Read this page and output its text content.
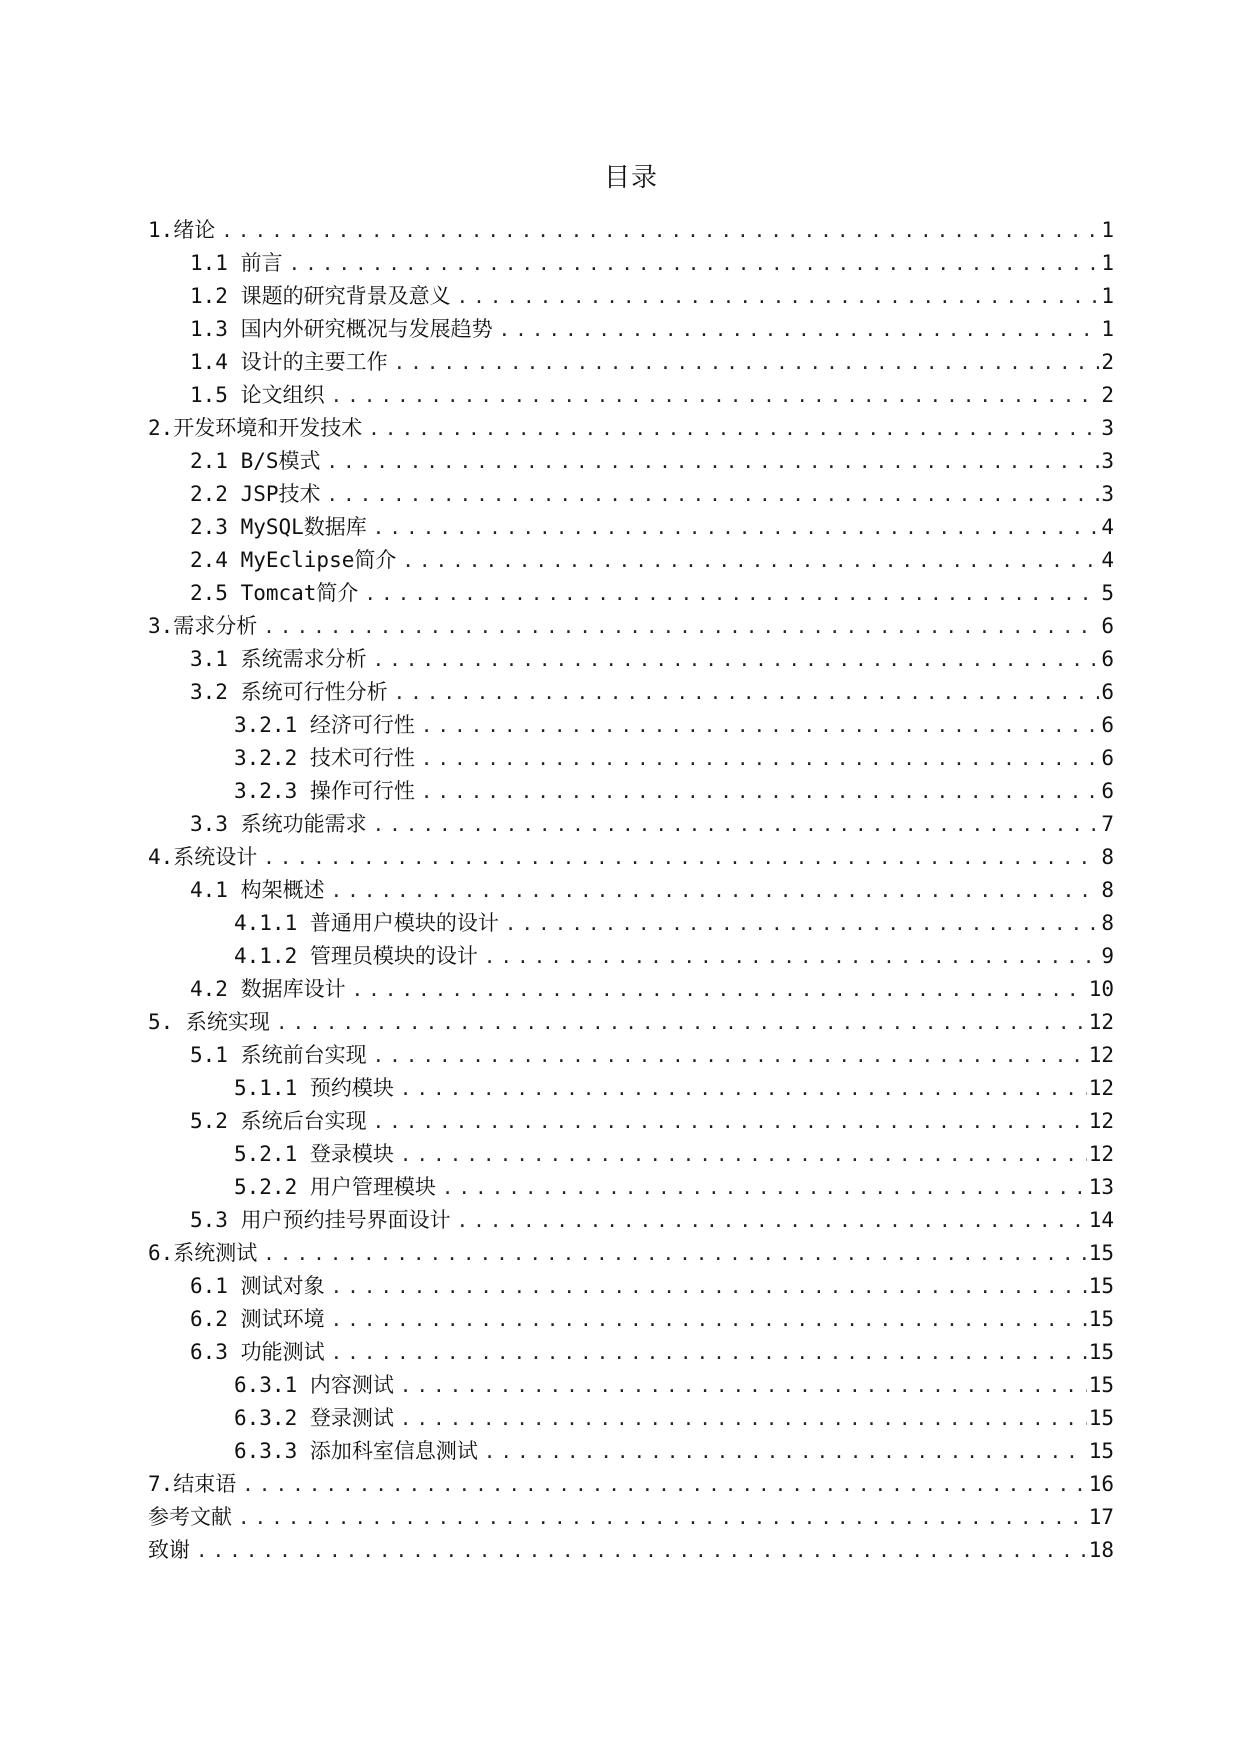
目录
1.绪论 .....	1
1.1 前言 .....	1
1.2 课题的研究背景及意义 .....	1
1.3 国内外研究概况与发展趋势 .....	1
1.4 设计的主要工作 .....	2
1.5 论文组织 .....	2
2.开发环境和开发技术 .....	3
2.1 B/S模式 .....	3
2.2 JSP技术 .....	3
2.3 MySQL数据库 .....	4
2.4 MyEclipse简介 .....	4
2.5 Tomcat简介 .....	5
3.需求分析 .....	6
3.1 系统需求分析 .....	6
3.2 系统可行性分析 .....	6
3.2.1 经济可行性 .....	6
3.2.2 技术可行性 .....	6
3.2.3 操作可行性 .....	6
3.3 系统功能需求 .....	7
4.系统设计 .....	8
4.1 构架概述 .....	8
4.1.1 普通用户模块的设计 .....	8
4.1.2 管理员模块的设计 .....	9
4.2 数据库设计 .....	10
5. 系统实现 .....	12
5.1 系统前台实现 .....	12
5.1.1 预约模块 .....	12
5.2 系统后台实现 .....	12
5.2.1 登录模块 .....	12
5.2.2 用户管理模块 .....	13
5.3 用户预约挂号界面设计 .....	14
6.系统测试 .....	15
6.1 测试对象 .....	15
6.2 测试环境 .....	15
6.3 功能测试 .....	15
6.3.1 内容测试 .....	15
6.3.2 登录测试 .....	15
6.3.3 添加科室信息测试 .....	15
7.结束语 .....	16
参考文献 .....	17
致谢 .....	18
